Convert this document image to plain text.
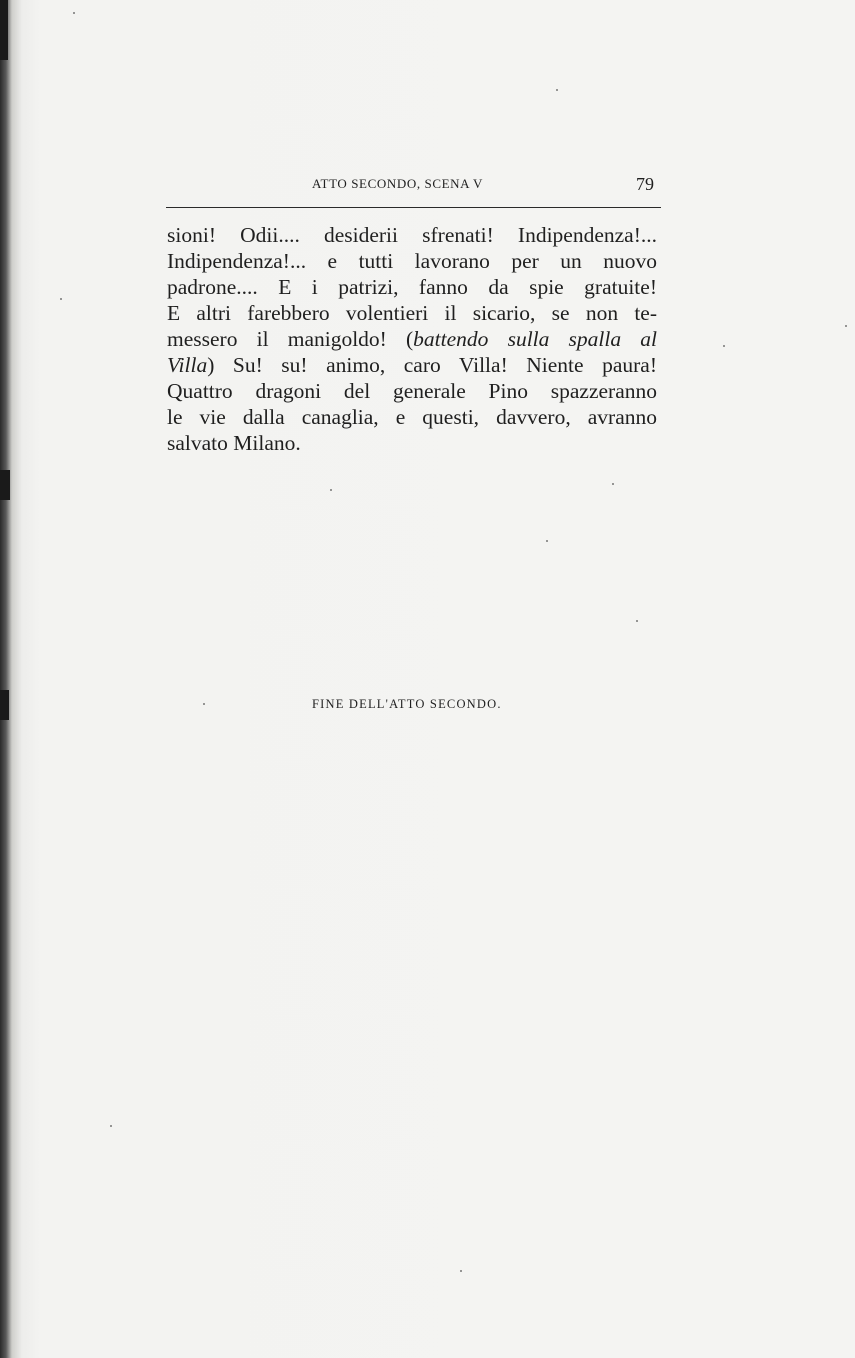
ATTO SECONDO, SCENA V	79
sioni! Odii.... desiderii sfrenati! Indipendenza!...
Indipendenza!... e tutti lavorano per un nuovo
padrone.... E i patrizi, fanno da spie gratuite!
E altri farebbero volentieri il sicario, se non te-
messero il manigoldo! (battendo sulla spalla al
Villa) Su! su! animo, caro Villa! Niente paura!
Quattro dragoni del generale Pino spazzeranno
le vie dalla canaglia, e questi, davvero, avranno
salvato Milano.
FINE DELL'ATTO SECONDO.
